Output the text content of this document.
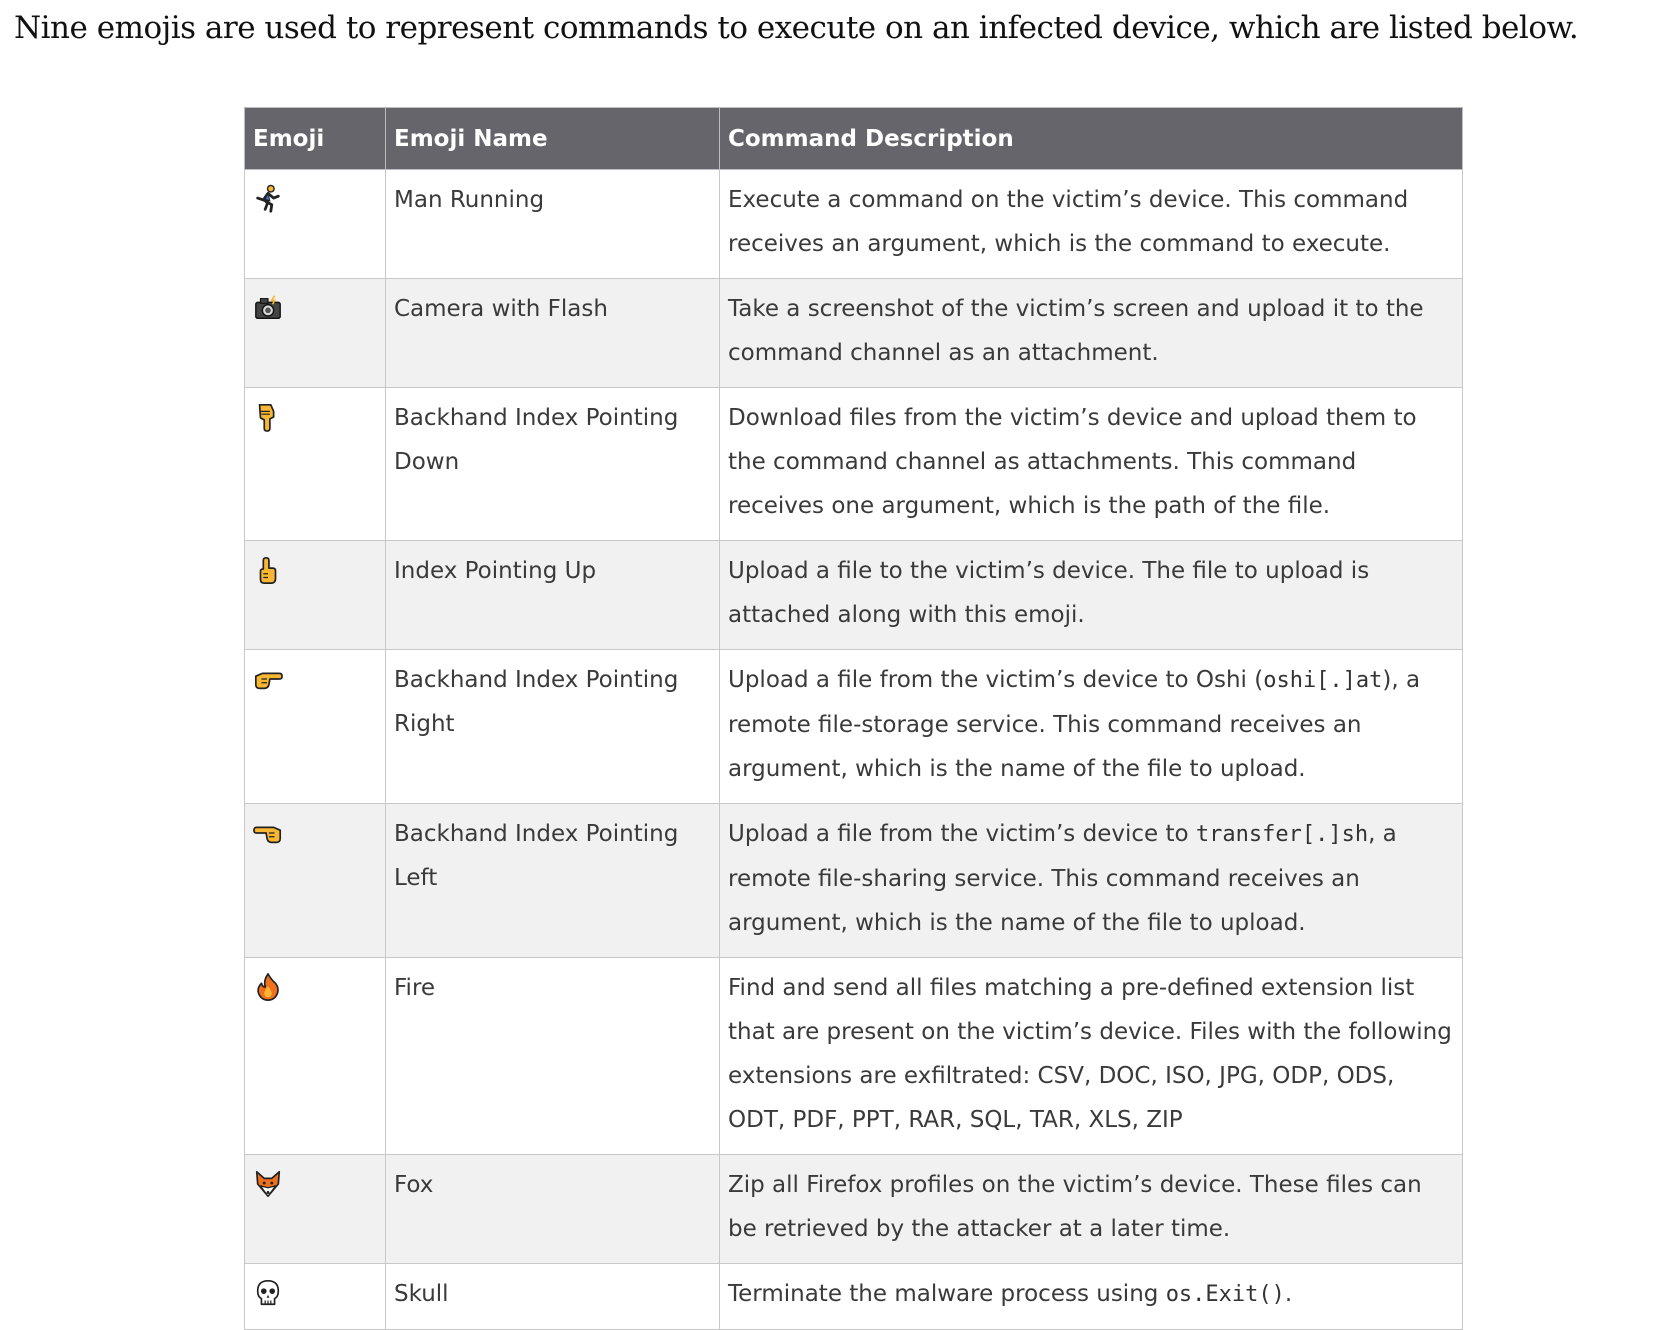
Nine emojis are used to represent commands to execute on an infected device, which are listed below.

Emoji	Emoji Name	Command Description

	Man Running	Execute a command on the victim’s device. This command receives an argument, which is the command to execute.

	Camera with Flash	Take a screenshot of the victim’s screen and upload it to the command channel as an attachment.

	Backhand Index Pointing Down	Download files from the victim’s device and upload them to the command channel as attachments. This command receives one argument, which is the path of the file.

	Index Pointing Up	Upload a file to the victim’s device. The file to upload is attached along with this emoji.

	Backhand Index Pointing Right	Upload a file from the victim’s device to Oshi (oshi[.]at), a remote file-storage service. This command receives an argument, which is the name of the file to upload.

	Backhand Index Pointing Left	Upload a file from the victim’s device to transfer[.]sh, a remote file-sharing service. This command receives an argument, which is the name of the file to upload.

	Fire	Find and send all files matching a pre-defined extension list that are present on the victim’s device. Files with the following extensions are exfiltrated: CSV, DOC, ISO, JPG, ODP, ODS, ODT, PDF, PPT, RAR, SQL, TAR, XLS, ZIP

	Fox	Zip all Firefox profiles on the victim’s device. These files can be retrieved by the attacker at a later time.

	Skull	Terminate the malware process using os.Exit().
